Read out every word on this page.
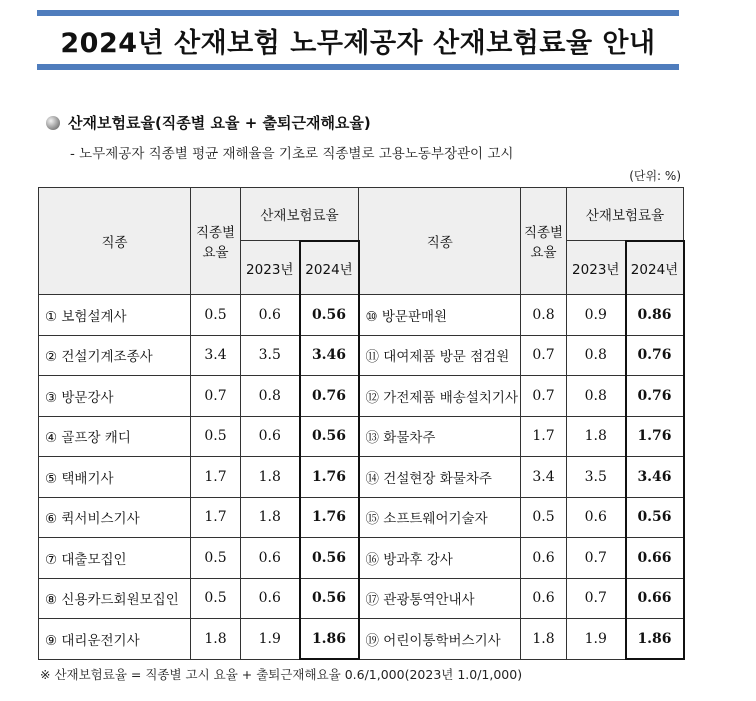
2024년 산재보험 노무제공자 산재보험료율 안내
산재보험료율(직종별 요율 + 출퇴근재해요율)
- 노무제공자 직종별 평균 재해율을 기초로 직종별로 고용노동부장관이 고시
(단위: %)
직종	직종별 요율	산재보험료율		직종	직종별 요율	산재보험료율	
		2023년	2024년			2023년	2024년
① 보험설계사	0.5	0.6	0.56	⑩ 방문판매원	0.8	0.9	0.86
② 건설기계조종사	3.4	3.5	3.46	⑪ 대여제품 방문 점검원	0.7	0.8	0.76
③ 방문강사	0.7	0.8	0.76	⑫ 가전제품 배송설치기사	0.7	0.8	0.76
④ 골프장 캐디	0.5	0.6	0.56	⑬ 화물차주	1.7	1.8	1.76
⑤ 택배기사	1.7	1.8	1.76	⑭ 건설현장 화물차주	3.4	3.5	3.46
⑥ 퀵서비스기사	1.7	1.8	1.76	⑮ 소프트웨어기술자	0.5	0.6	0.56
⑦ 대출모집인	0.5	0.6	0.56	⑯ 방과후 강사	0.6	0.7	0.66
⑧ 신용카드회원모집인	0.5	0.6	0.56	⑰ 관광통역안내사	0.6	0.7	0.66
⑨ 대리운전기사	1.8	1.9	1.86	⑲ 어린이통학버스기사	1.8	1.9	1.86
※ 산재보험료율 = 직종별 고시 요율 + 출퇴근재해요율 0.6/1,000(2023년 1.0/1,000)
